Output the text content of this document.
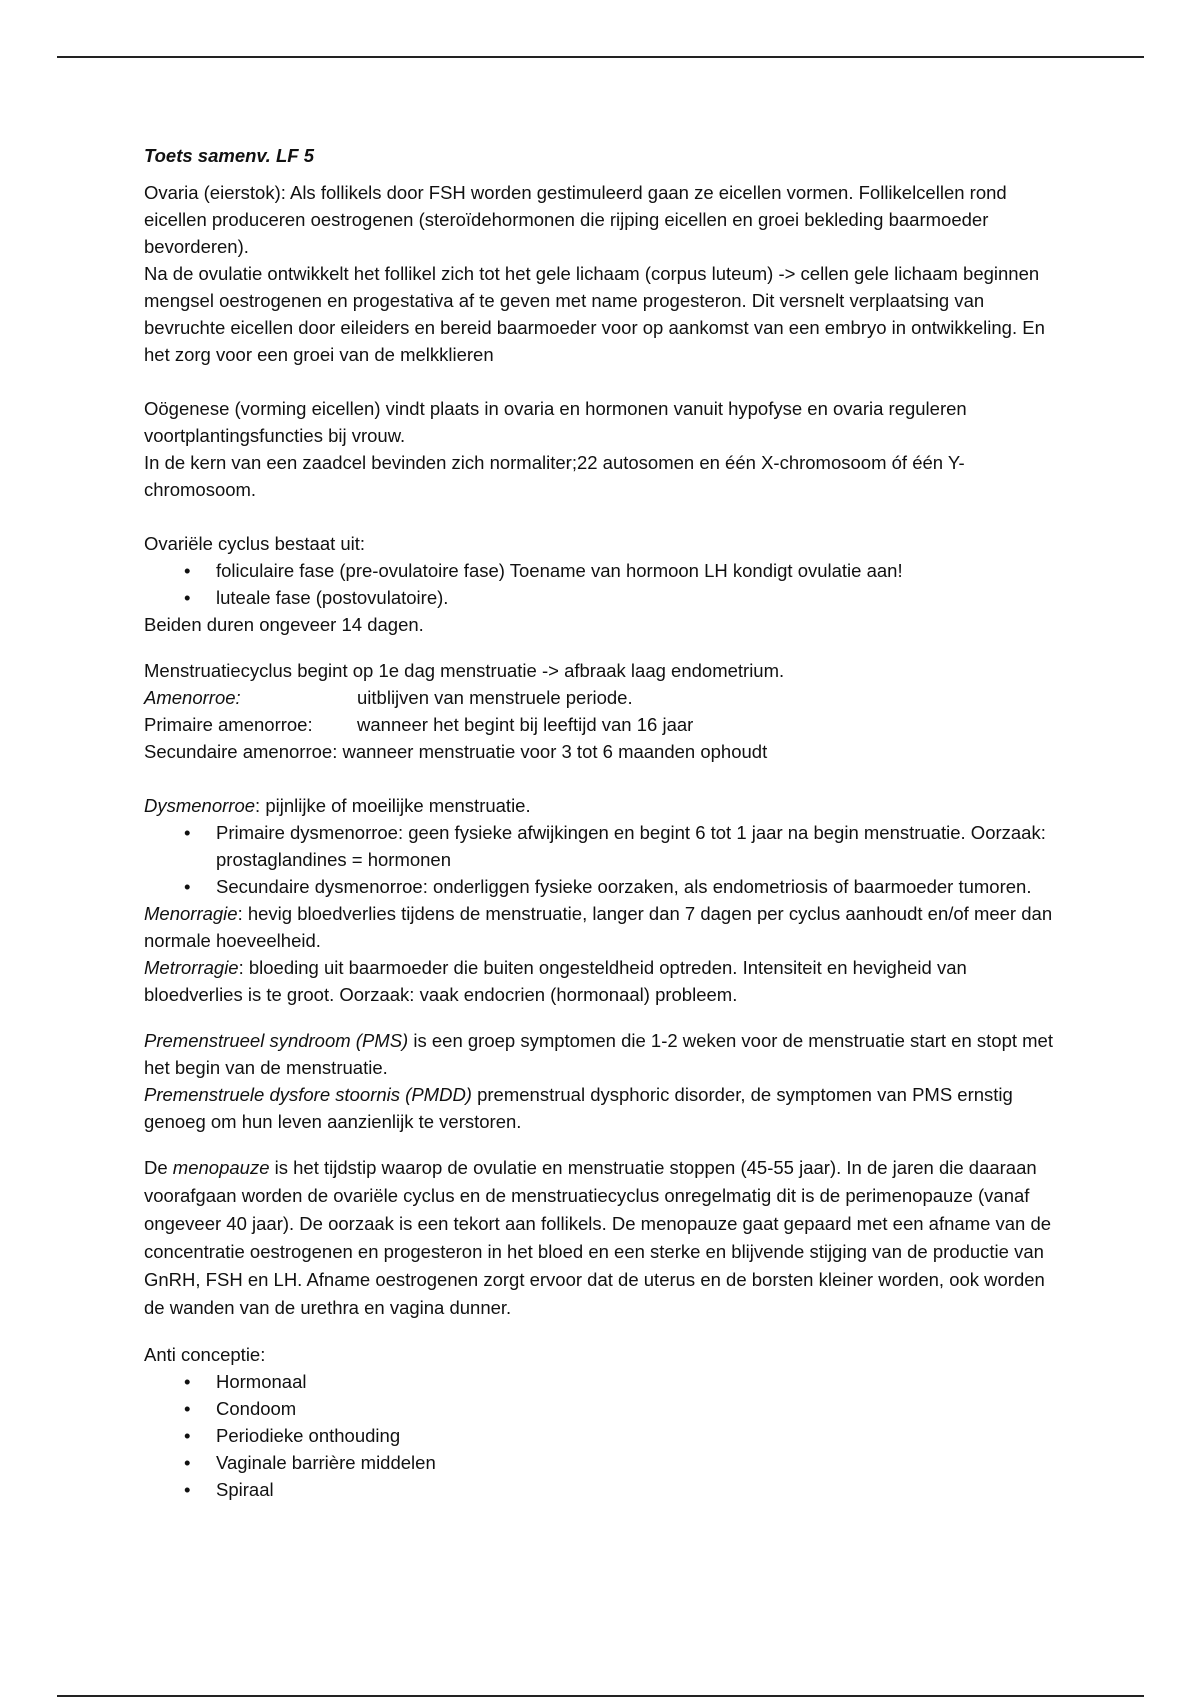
Toets samenv. LF 5

Ovaria (eierstok): Als follikels door FSH worden gestimuleerd gaan ze eicellen vormen. Follikelcellen rond eicellen produceren oestrogenen (steroïdehormonen die rijping eicellen en groei bekleding baarmoeder bevorderen).

Na de ovulatie ontwikkelt het follikel zich tot het gele lichaam (corpus luteum) -> cellen gele lichaam beginnen mengsel oestrogenen en progestativa af te geven met name progesteron. Dit versnelt verplaatsing van bevruchte eicellen door eileiders en bereid baarmoeder voor op aankomst van een embryo in ontwikkeling. En het zorg voor een groei van de melkklieren

Oögenese (vorming eicellen) vindt plaats in ovaria en hormonen vanuit hypofyse en ovaria reguleren voortplantingsfuncties bij vrouw.

In de kern van een zaadcel bevinden zich normaliter;22 autosomen en één X-chromosoom óf één Y-chromosoom.

Ovariële cyclus bestaat uit:

• foliculaire fase (pre-ovulatoire fase) Toename van hormoon LH kondigt ovulatie aan!
• luteale fase (postovulatoire).

Beiden duren ongeveer 14 dagen.

Menstruatiecyclus begint op 1e dag menstruatie -> afbraak laag endometrium.

Amenorroe:	uitblijven van menstruele periode.

Primaire amenorroe: wanneer het begint bij leeftijd van 16 jaar

Secundaire amenorroe: wanneer menstruatie voor 3 tot 6 maanden ophoudt

Dysmenorroe: pijnlijke of moeilijke menstruatie.

• Primaire dysmenorroe: geen fysieke afwijkingen en begint 6 tot 1 jaar na begin menstruatie. Oorzaak: prostaglandines = hormonen
• Secundaire dysmenorroe: onderliggen fysieke oorzaken, als endometriosis of baarmoeder tumoren.

Menorragie: hevig bloedverlies tijdens de menstruatie, langer dan 7 dagen per cyclus aanhoudt en/of meer dan normale hoeveelheid.

Metrorragie: bloeding uit baarmoeder die buiten ongesteldheid optreden. Intensiteit en hevigheid van bloedverlies is te groot. Oorzaak: vaak endocrien (hormonaal) probleem.

Premenstrueel syndroom (PMS) is een groep symptomen die 1-2 weken voor de menstruatie start en stopt met het begin van de menstruatie.

Premenstruele dysfore stoornis (PMDD) premenstrual dysphoric disorder, de symptomen van PMS ernstig genoeg om hun leven aanzienlijk te verstoren.

De menopauze is het tijdstip waarop de ovulatie en menstruatie stoppen (45-55 jaar). In de jaren die daaraan voorafgaan worden de ovariële cyclus en de menstruatiecyclus onregelmatig dit is de perimenopauze (vanaf ongeveer 40 jaar). De oorzaak is een tekort aan follikels. De menopauze gaat gepaard met een afname van de concentratie oestrogenen en progesteron in het bloed en een sterke en blijvende stijging van de productie van GnRH, FSH en LH. Afname oestrogenen zorgt ervoor dat de uterus en de borsten kleiner worden, ook worden de wanden van de urethra en vagina dunner.

Anti conceptie:

• Hormonaal
• Condoom
• Periodieke onthouding
• Vaginale barrière middelen
• Spiraal
